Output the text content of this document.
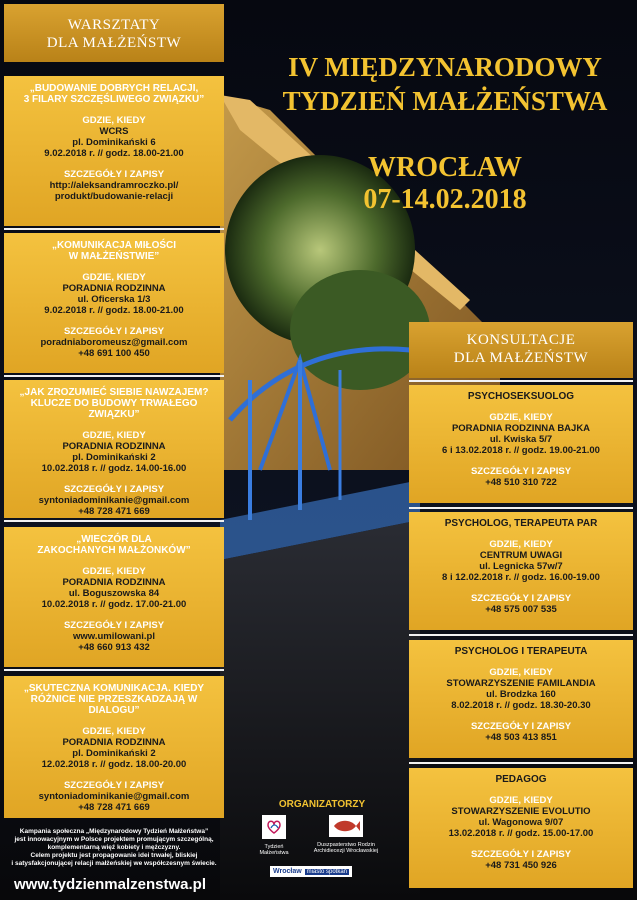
IV MIĘDZYNARODOWY
TYDZIEŃ MAŁŻEŃSTWA
WROCŁAW
07-14.02.2018
WARSZTATY
DLA MAŁŻEŃSTW
„BUDOWANIE DOBRYCH RELACJI,
3 FILARY SZCZĘŚLIWEGO ZWIĄZKU”
GDZIE, KIEDY
WCRS
pl. Dominikański 6
9.02.2018 r. // godz. 18.00-21.00
SZCZEGÓŁY I ZAPISY
http://aleksandramroczko.pl/
produkt/budowanie-relacji
„KOMUNIKACJA MIŁOŚCI
W MAŁŻEŃSTWIE”
GDZIE, KIEDY
PORADNIA RODZINNA
ul. Oficerska 1/3
9.02.2018 r. // godz. 18.00-21.00
SZCZEGÓŁY I ZAPISY
poradniaboromeusz@gmail.com
+48 691 100 450
„JAK ZROZUMIEĆ SIEBIE NAWZAJEM?
KLUCZE DO BUDOWY TRWAŁEGO ZWIĄZKU”
GDZIE, KIEDY
PORADNIA RODZINNA
pl. Dominikański 2
10.02.2018 r. // godz. 14.00-16.00
SZCZEGÓŁY I ZAPISY
syntoniadominikanie@gmail.com
+48 728 471 669
„WIECZÓR DLA
ZAKOCHANYCH MAŁŻONKÓW”
GDZIE, KIEDY
PORADNIA RODZINNA
ul. Boguszowska 84
10.02.2018 r. // godz. 17.00-21.00
SZCZEGÓŁY I ZAPISY
www.umilowani.pl
+48 660 913 432
„SKUTECZNA KOMUNIKACJA. KIEDY
RÓŻNICE NIE PRZESZKADZAJĄ W DIALOGU”
GDZIE, KIEDY
PORADNIA RODZINNA
pl. Dominikański 2
12.02.2018 r. // godz. 18.00-20.00
SZCZEGÓŁY I ZAPISY
syntoniadominikanie@gmail.com
+48 728 471 669
Kampania społeczna „Międzynarodowy Tydzień Małżeństwa”
jest innowacyjnym w Polsce projektem promującym szczególną,
komplementarną więź kobiety i mężczyzny.
Celem projektu jest propagowanie idei trwałej, bliskiej
i satysfakcjonującej relacji małżeńskiej we współczesnym świecie.
www.tydzienmalzenstwa.pl
KONSULTACJE
DLA MAŁŻEŃSTW
PSYCHOSEKSUOLOG
GDZIE, KIEDY
PORADNIA RODZINNA BAJKA
ul. Kwiska 5/7
6 i 13.02.2018 r. // godz. 19.00-21.00
SZCZEGÓŁY I ZAPISY
+48 510 310 722
PSYCHOLOG, TERAPEUTA PAR
GDZIE, KIEDY
CENTRUM UWAGI
ul. Legnicka 57w/7
8 i 12.02.2018 r. // godz. 16.00-19.00
SZCZEGÓŁY I ZAPISY
+48 575 007 535
PSYCHOLOG I TERAPEUTA
GDZIE, KIEDY
STOWARZYSZENIE FAMILANDIA
ul. Brodzka 160
8.02.2018 r. // godz. 18.30-20.30
SZCZEGÓŁY I ZAPISY
+48 503 413 851
PEDAGOG
GDZIE, KIEDY
STOWARZYSZENIE EVOLUTIO
ul. Wagonowa 9/07
13.02.2018 r. // godz. 15.00-17.00
SZCZEGÓŁY I ZAPISY
+48 731 450 926
ORGANIZATORZY
Tydzień Małżeństwa
Duszpasterstwo Rodzin
Archidiecezji Wrocławskiej
Wrocław miasto spotkań
